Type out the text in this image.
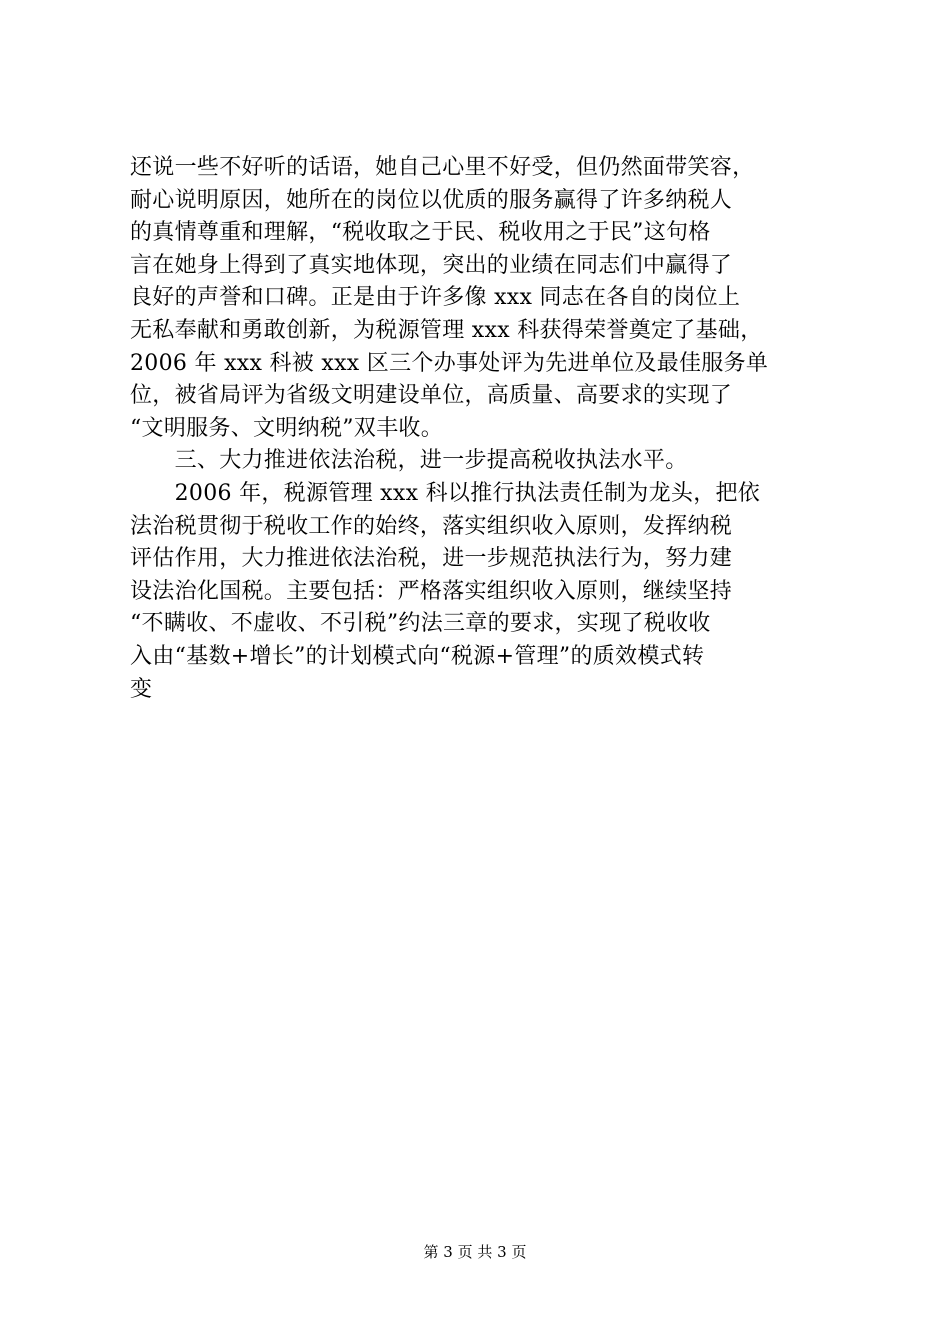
还说一些不好听的话语，她自己心里不好受，但仍然面带笑容，
耐心说明原因，她所在的岗位以优质的服务赢得了许多纳税人
的真情尊重和理解，“税收取之于民、税收用之于民”这句格
言在她身上得到了真实地体现，突出的业绩在同志们中赢得了
良好的声誉和口碑。正是由于许多像 xxx 同志在各自的岗位上
无私奉献和勇敢创新，为税源管理 xxx 科获得荣誉奠定了基础，
2006 年 xxx 科被 xxx 区三个办事处评为先进单位及最佳服务单
位，被省局评为省级文明建设单位，高质量、高要求的实现了
“文明服务、文明纳税”双丰收。
　　三、大力推进依法治税，进一步提高税收执法水平。
　　2006 年，税源管理 xxx 科以推行执法责任制为龙头，把依
法治税贯彻于税收工作的始终，落实组织收入原则，发挥纳税
评估作用，大力推进依法治税，进一步规范执法行为，努力建
设法治化国税。主要包括：严格落实组织收入原则，继续坚持
“不瞒收、不虚收、不引税”约法三章的要求，实现了税收收
入由“基数+增长”的计划模式向“税源+管理”的质效模式转
变
第 3 页 共 3 页
